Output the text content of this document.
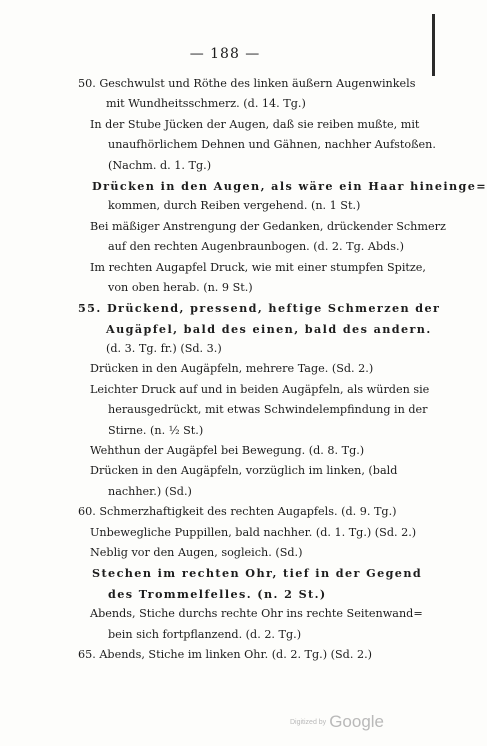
— 188 —
50. Geschwulst und Röthe des linken äußern Augenwinkels
mit Wundheitsschmerz. (d. 14. Tg.)
In der Stube Jücken der Augen, daß sie reiben mußte, mit
unaufhörlichem Dehnen und Gähnen, nachher Aufstoßen.
(Nachm. d. 1. Tg.)
Drücken in den Augen, als wäre ein Haar hineinge=
kommen, durch Reiben vergehend. (n. 1 St.)
Bei mäßiger Anstrengung der Gedanken, drückender Schmerz
auf den rechten Augenbraunbogen. (d. 2. Tg. Abds.)
Im rechten Augapfel Druck, wie mit einer stumpfen Spitze,
von oben herab. (n. 9 St.)
55. Drückend, pressend, heftige Schmerzen der
Augäpfel, bald des einen, bald des andern.
(d. 3. Tg. fr.) (Sd. 3.)
Drücken in den Augäpfeln, mehrere Tage. (Sd. 2.)
Leichter Druck auf und in beiden Augäpfeln, als würden sie
herausgedrückt, mit etwas Schwindelempfindung in der
Stirne. (n. ½ St.)
Wehthun der Augäpfel bei Bewegung. (d. 8. Tg.)
Drücken in den Augäpfeln, vorzüglich im linken, (bald
nachher.) (Sd.)
60. Schmerzhaftigkeit des rechten Augapfels. (d. 9. Tg.)
Unbewegliche Puppillen, bald nachher. (d. 1. Tg.) (Sd. 2.)
Neblig vor den Augen, sogleich. (Sd.)
Stechen im rechten Ohr, tief in der Gegend
des Trommelfelles. (n. 2 St.)
Abends, Stiche durchs rechte Ohr ins rechte Seitenwand=
bein sich fortpflanzend. (d. 2. Tg.)
65. Abends, Stiche im linken Ohr. (d. 2. Tg.) (Sd. 2.)
Digitized by Google
